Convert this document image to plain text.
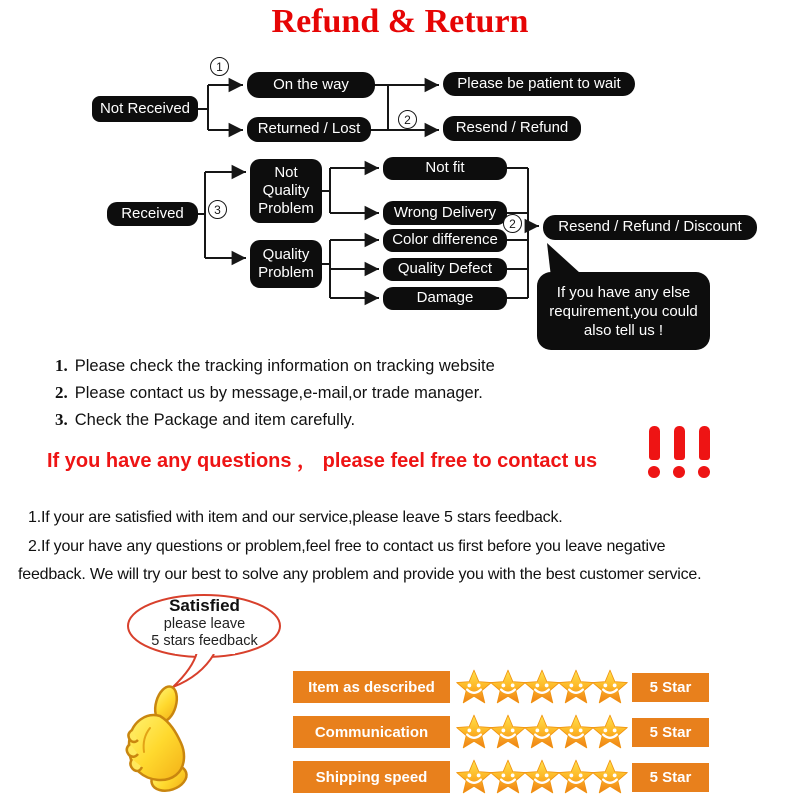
Refund & Return
Not Received
On the way
Returned / Lost
Please be patient to wait
Resend / Refund
Received
Not Quality Problem
Quality Problem
Not fit
Wrong Delivery
Color difference
Quality Defect
Damage
Resend / Refund / Discount
1
2
3
2
If you have any else
requirement,you could
also tell us !
1. Please check the tracking information on tracking website
2. Please contact us by message,e-mail,or trade manager.
3. Check the Package and item carefully.
If you have any questions ， please feel free to contact us
1.If your are satisfied with item and our service,please leave 5 stars feedback.
2.If your have any questions or problem,feel free to contact us first before you leave negative
feedback. We will try our best to solve any problem and provide you with the best customer service.
Satisfied
please leave
5 stars feedback
Item as described	5 Star
Communication	5 Star
Shipping speed	5 Star
